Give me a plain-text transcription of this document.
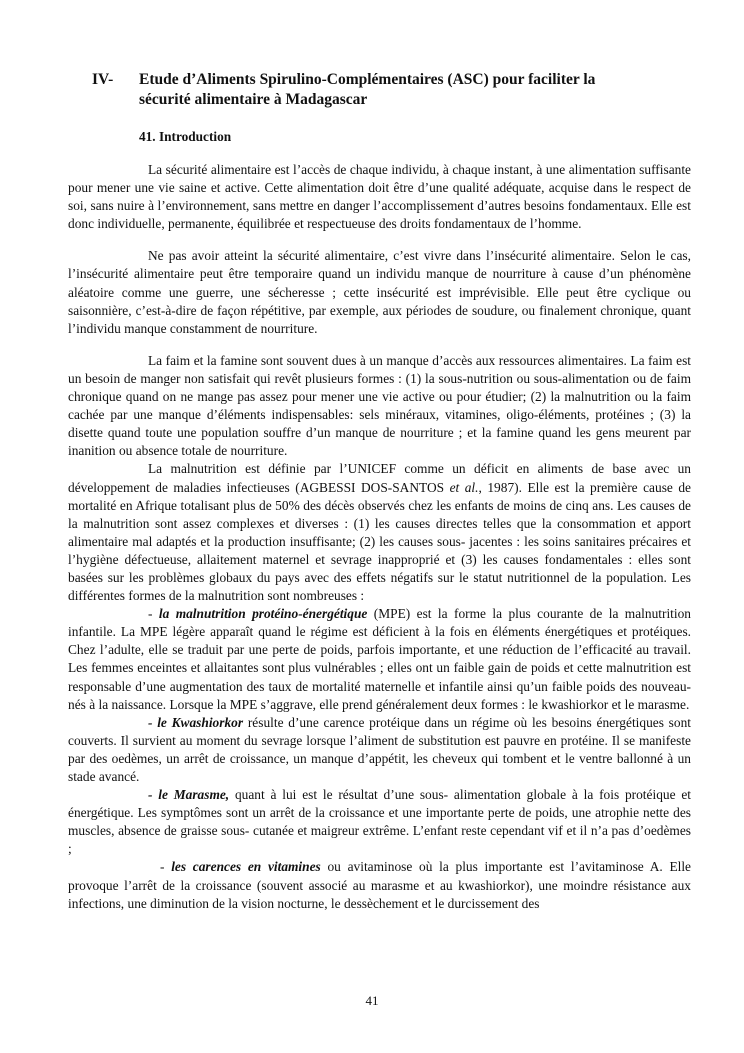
IV- Etude d’Aliments Spirulino-Complémentaires (ASC) pour faciliter la
sécurité alimentaire à Madagascar
41. Introduction

La sécurité alimentaire est l’accès de chaque individu, à chaque instant, à une alimentation suffisante pour mener une vie saine et active. Cette alimentation doit être d’une qualité adéquate, acquise dans le respect de soi, sans nuire à l’environnement, sans mettre en danger l’accomplissement d’autres besoins fondamentaux. Elle est donc individuelle, permanente, équilibrée et respectueuse des droits fondamentaux de l’homme.

Ne pas avoir atteint la sécurité alimentaire, c’est vivre dans l’insécurité alimentaire. Selon le cas, l’insécurité alimentaire peut être temporaire quand un individu manque de nourriture à cause d’un phénomène aléatoire comme une guerre, une sécheresse ; cette insécurité est imprévisible. Elle peut être cyclique ou saisonnière, c’est-à-dire de façon répétitive, par exemple, aux périodes de soudure, ou finalement chronique, quant l’individu manque constamment de nourriture.

La faim et la famine sont souvent dues à un manque d’accès aux ressources alimentaires. La faim est un besoin de manger non satisfait qui revêt plusieurs formes : (1) la sous-nutrition ou sous-alimentation ou de faim chronique quand on ne mange pas assez pour mener une vie active ou pour étudier; (2) la malnutrition ou la faim cachée par une manque d’éléments indispensables: sels minéraux, vitamines, oligo-éléments, protéines ; (3) la disette quand toute une population souffre d’un manque de nourriture ; et la famine quand les gens meurent par inanition ou absence totale de nourriture.

La malnutrition est définie par l’UNICEF comme un déficit en aliments de base avec un développement de maladies infectieuses (AGBESSI DOS-SANTOS et al., 1987). Elle est la première cause de mortalité en Afrique totalisant plus de 50% des décès observés chez les enfants de moins de cinq ans. Les causes de la malnutrition sont assez complexes et diverses : (1) les causes directes telles que la consommation et apport alimentaire mal adaptés et la production insuffisante; (2) les causes sous- jacentes : les soins sanitaires précaires et l’hygiène défectueuse, allaitement maternel et sevrage inapproprié et (3) les causes fondamentales : elles sont basées sur les problèmes globaux du pays avec des effets négatifs sur le statut nutritionnel de la population. Les différentes formes de la malnutrition sont nombreuses :

- la malnutrition protéino-énergétique (MPE) est la forme la plus courante de la malnutrition infantile. La MPE légère apparaît quand le régime est déficient à la fois en éléments énergétiques et protéiques. Chez l’adulte, elle se traduit par une perte de poids, parfois importante, et une réduction de l’efficacité au travail. Les femmes enceintes et allaitantes sont plus vulnérables ; elles ont un faible gain de poids et cette malnutrition est responsable d’une augmentation des taux de mortalité maternelle et infantile ainsi qu’un faible poids des nouveau- nés à la naissance. Lorsque la MPE s’aggrave, elle prend généralement deux formes : le kwashiorkor et le marasme.

- le Kwashiorkor résulte d’une carence protéique dans un régime où les besoins énergétiques sont couverts. Il survient au moment du sevrage lorsque l’aliment de substitution est pauvre en protéine. Il se manifeste par des oedèmes, un arrêt de croissance, un manque d’appétit, les cheveux qui tombent et le ventre ballonné à un stade avancé.

- le Marasme, quant à lui est le résultat d’une sous- alimentation globale à la fois protéique et énergétique. Les symptômes sont un arrêt de la croissance et une importante perte de poids, une atrophie nette des muscles, absence de graisse sous- cutanée et maigreur extrême. L’enfant reste cependant vif et il n’a pas d’oedèmes ;

- les carences en vitamines ou avitaminose où la plus importante est l’avitaminose A. Elle provoque l’arrêt de la croissance (souvent associé au marasme et au kwashiorkor), une moindre résistance aux infections, une diminution de la vision nocturne, le dessèchement et le durcissement des

41
